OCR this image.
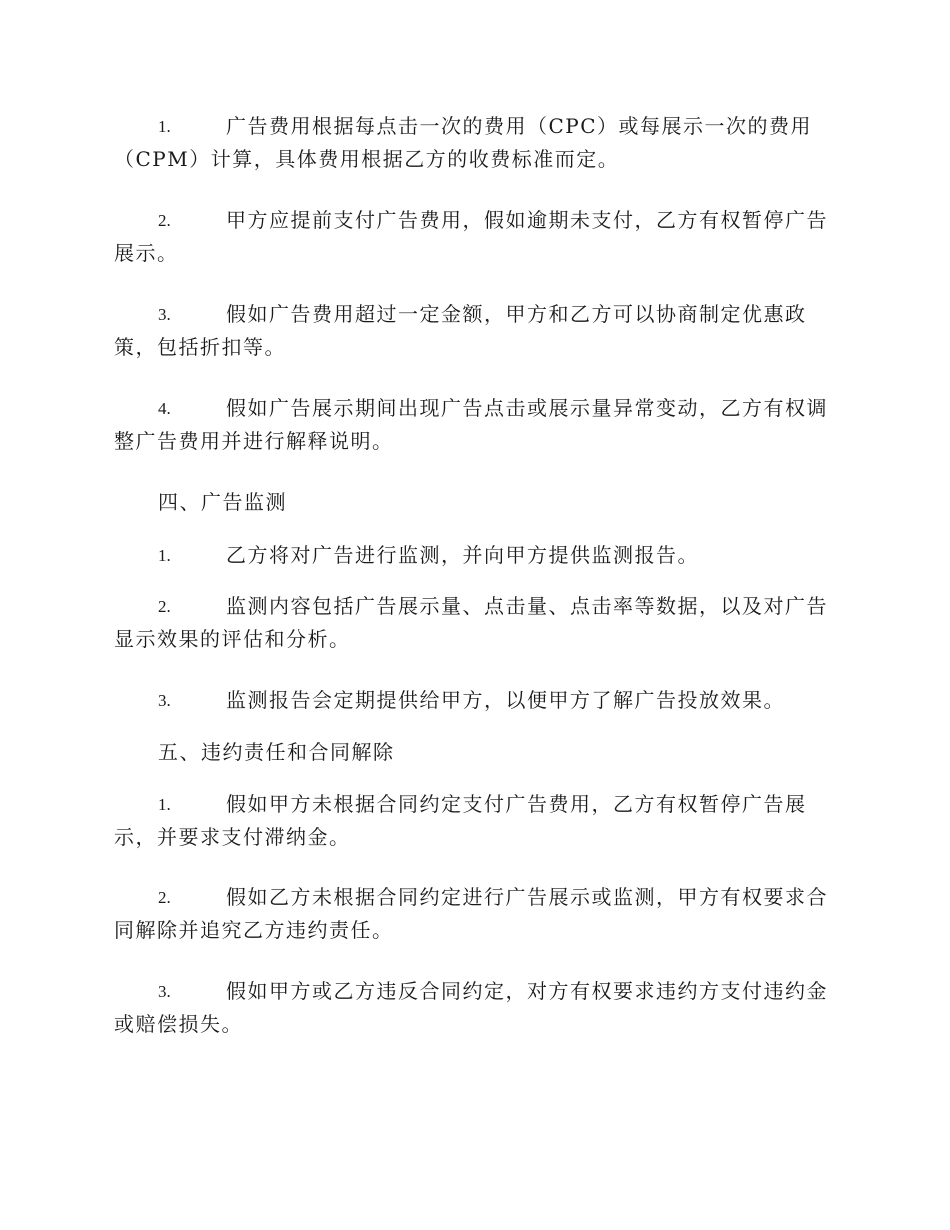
1.	广告费用根据每点击一次的费用（CPC）或每展示一次的费用
（CPM）计算，具体费用根据乙方的收费标准而定。
2.	甲方应提前支付广告费用，假如逾期未支付，乙方有权暂停广告
展示。
3.	假如广告费用超过一定金额，甲方和乙方可以协商制定优惠政
策，包括折扣等。
4.	假如广告展示期间出现广告点击或展示量异常变动，乙方有权调
整广告费用并进行解释说明。
四、广告监测
1.	乙方将对广告进行监测，并向甲方提供监测报告。
2.	监测内容包括广告展示量、点击量、点击率等数据，以及对广告
显示效果的评估和分析。
3.	监测报告会定期提供给甲方，以便甲方了解广告投放效果。
五、违约责任和合同解除
1.	假如甲方未根据合同约定支付广告费用，乙方有权暂停广告展
示，并要求支付滞纳金。
2.	假如乙方未根据合同约定进行广告展示或监测，甲方有权要求合
同解除并追究乙方违约责任。
3.	假如甲方或乙方违反合同约定，对方有权要求违约方支付违约金
或赔偿损失。
